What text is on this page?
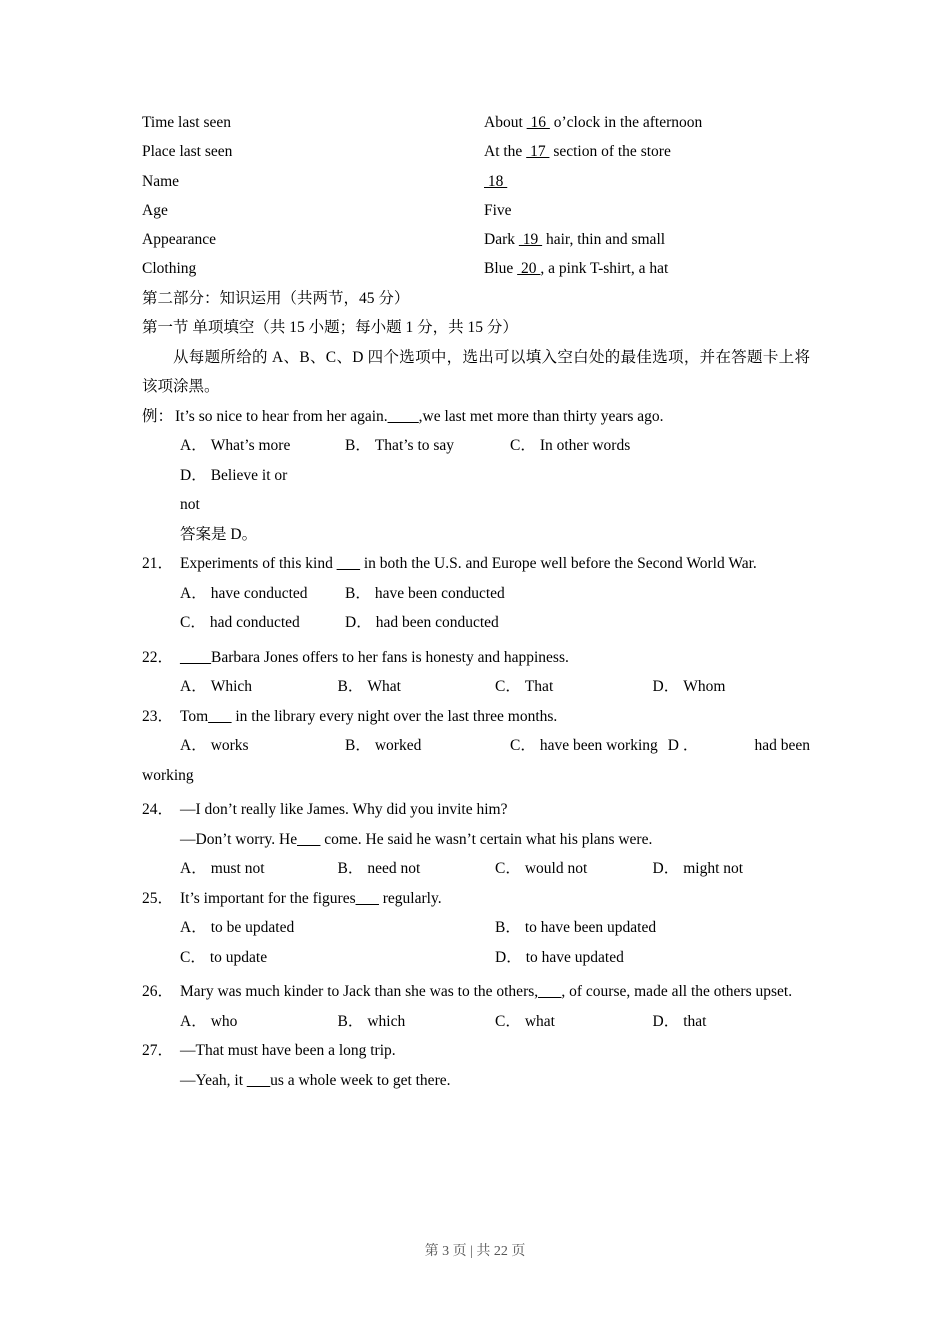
Time last seen	About  16  o’clock in the afternoon
Place last seen	At the  17  section of the store
Name	18
Age	Five
Appearance	Dark  19  hair, thin and small
Clothing	Blue  20 , a pink T-shirt, a hat

第二部分：知识运用（共两节，45 分）

第一节 单项填空（共 15 小题；每小题 1 分，共 15 分）

从每题所给的 A、B、C、D 四个选项中，选出可以填入空白处的最佳选项，并在答题卡上将该项涂黑。

例： It’s so nice to hear from her again.____,we last met more than thirty years ago.

A． What’s more	B． That’s to say	C． In other wordsD． Believe it or

not

答案是 D。

21． Experiments of this kind ___ in both the U.S. and Europe well before the Second World War.

A． have conducted	B． have been conducted
C． had conducted	D． had been conducted

22． ____Barbara Jones offers to her fans is honesty and happiness.

A． Which	B． What	C． That	D． Whom

23． Tom___ in the library every night over the last three months.

A． works	B． worked	C． have been working D ．	had been

working

24． —I don’t really like James. Why did you invite him?

—Don’t worry. He___ come. He said he wasn’t certain what his plans were.

A． must not	B． need not	C． would not	D． might not

25． It’s important for the figures___ regularly.

A． to be updated	B． to have been updated
C． to update	D． to have updated

26． Mary was much kinder to Jack than she was to the others,___, of course, made all the others upset.

A． who	B． which	C． what	D． that

27． —That must have been a long trip.

—Yeah, it ___us a whole week to get there.

第 3 页 | 共 22 页
